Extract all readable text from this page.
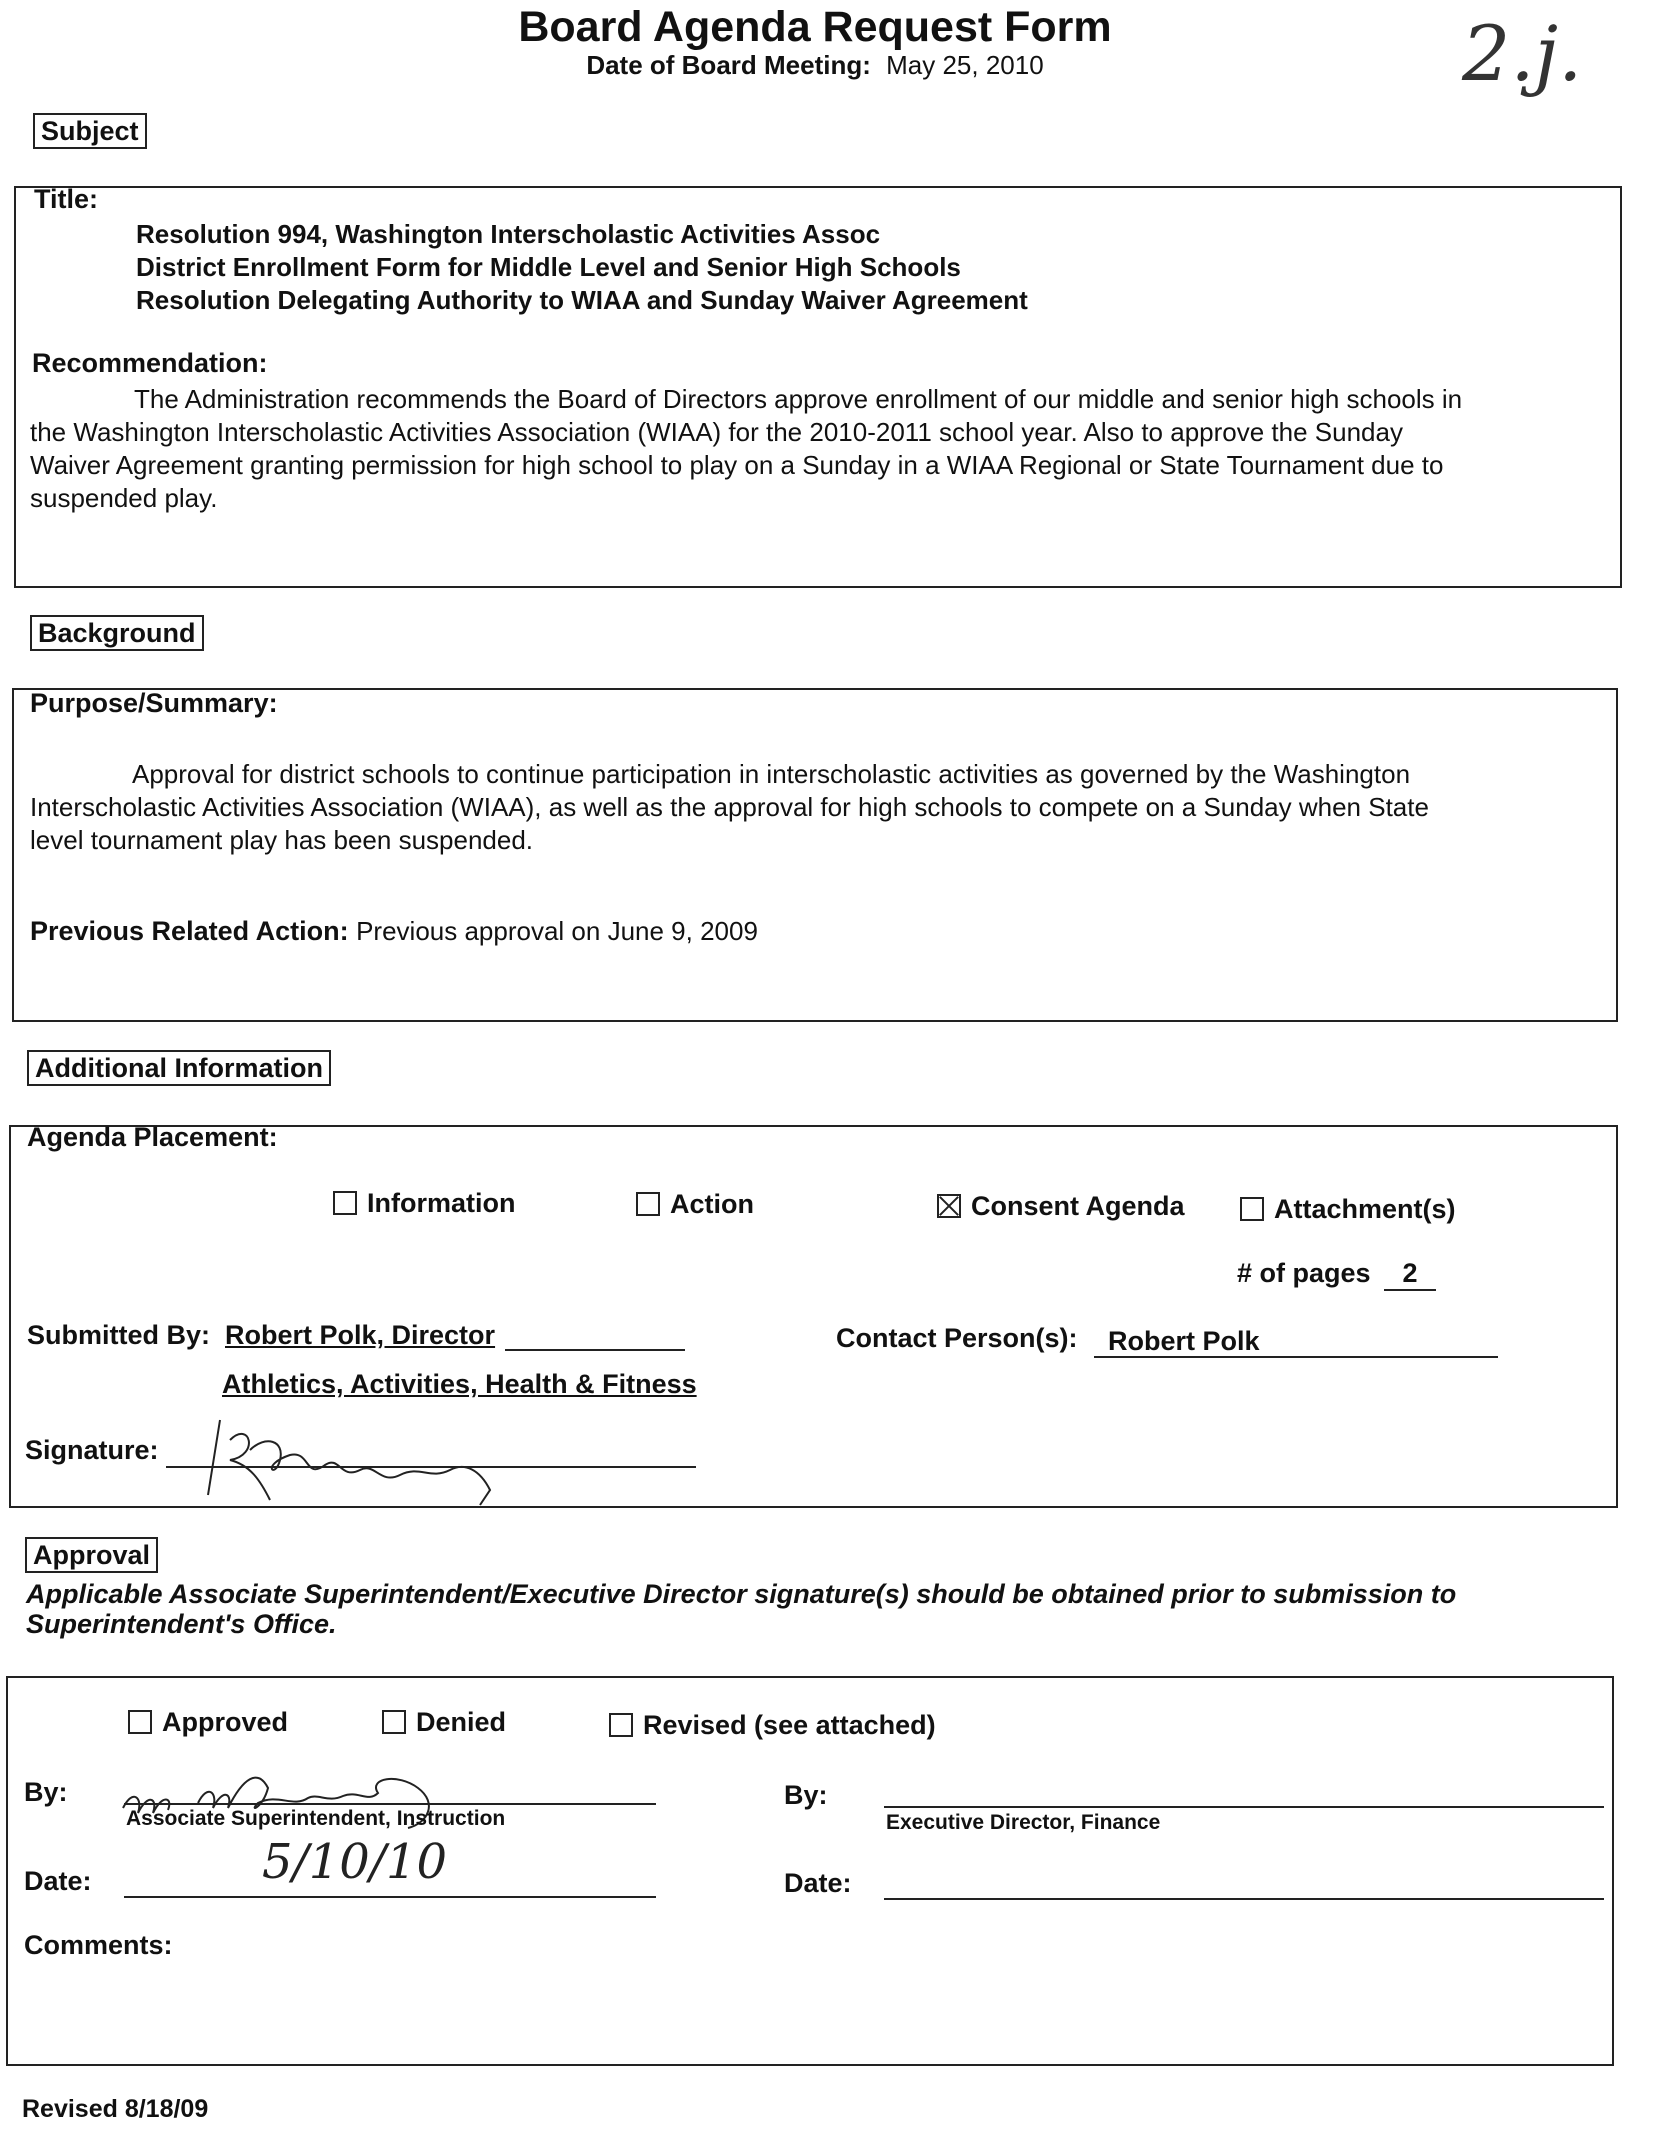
Board Agenda Request Form
Date of Board Meeting: May 25, 2010	2.j.
Subject
Title:
Resolution 994, Washington Interscholastic Activities Assoc
District Enrollment Form for Middle Level and Senior High Schools
Resolution Delegating Authority to WIAA and Sunday Waiver Agreement
Recommendation:
The Administration recommends the Board of Directors approve enrollment of our middle and senior high schools in
the Washington Interscholastic Activities Association (WIAA) for the 2010-2011 school year. Also to approve the Sunday
Waiver Agreement granting permission for high school to play on a Sunday in a WIAA Regional or State Tournament due to
suspended play.
Background
Purpose/Summary:
Approval for district schools to continue participation in interscholastic activities as governed by the Washington
Interscholastic Activities Association (WIAA), as well as the approval for high schools to compete on a Sunday when State
level tournament play has been suspended.
Previous Related Action: Previous approval on June 9, 2009
Additional Information
Agenda Placement:
Information	Action	Consent Agenda	Attachment(s)
# of pages 2
Submitted By: Robert Polk, Director
Athletics, Activities, Health & Fitness
Contact Person(s):	Robert Polk
Signature:
Approval
Applicable Associate Superintendent/Executive Director signature(s) should be obtained prior to submission to
Superintendent's Office.
Approved	Denied	Revised (see attached)
By:
Associate Superintendent, Instruction
Date:	5/10/10
By:
Executive Director, Finance
Date:
Comments:
Revised 8/18/09
